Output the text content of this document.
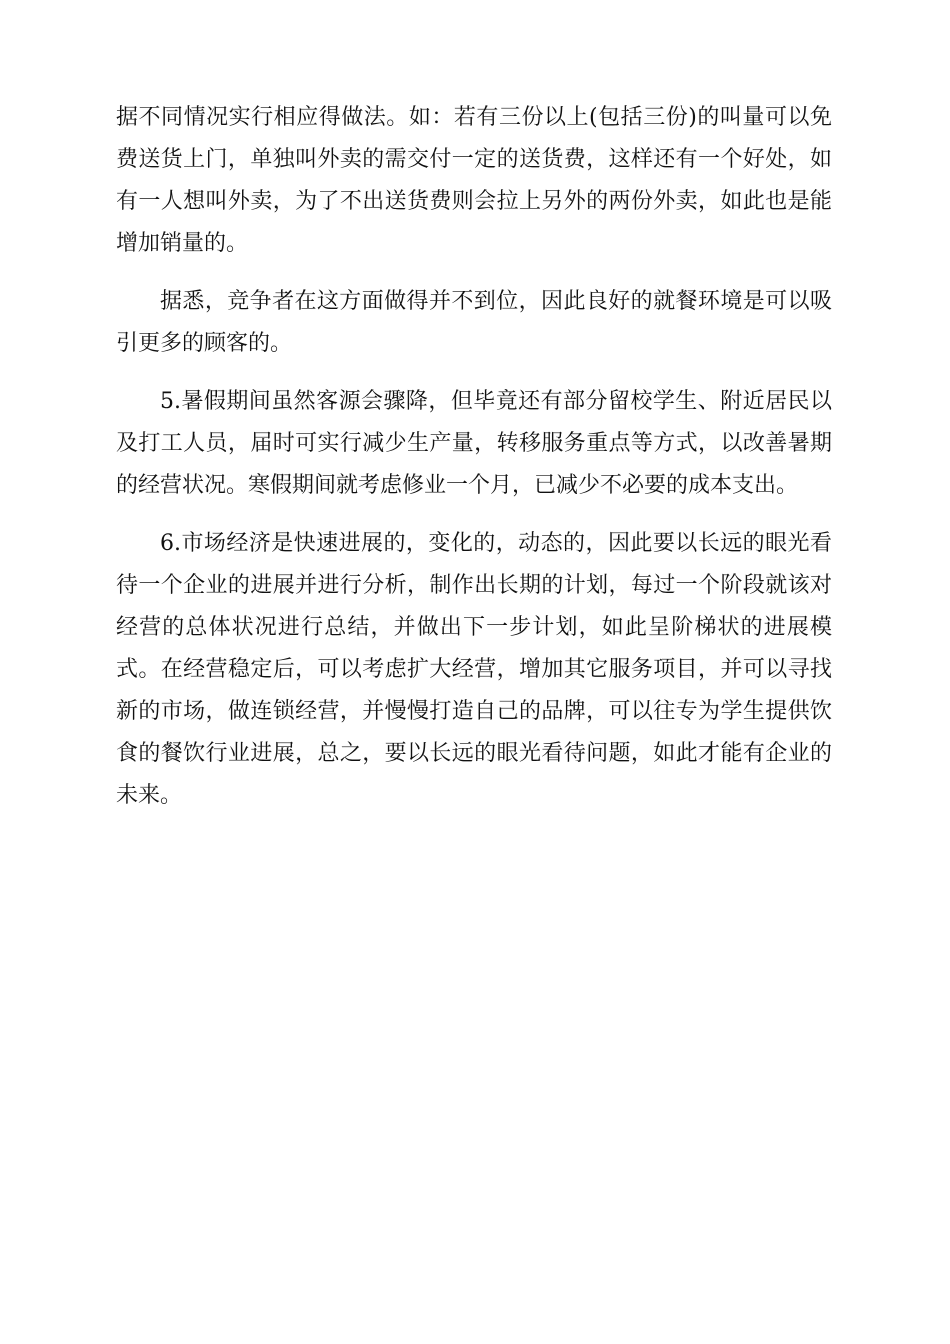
据不同情况实行相应得做法。如：若有三份以上(包括三份)的叫量可以免费送货上门，单独叫外卖的需交付一定的送货费，这样还有一个好处，如有一人想叫外卖，为了不出送货费则会拉上另外的两份外卖，如此也是能增加销量的。

据悉，竞争者在这方面做得并不到位，因此良好的就餐环境是可以吸引更多的顾客的。

5.暑假期间虽然客源会骤降，但毕竟还有部分留校学生、附近居民以及打工人员，届时可实行减少生产量，转移服务重点等方式，以改善暑期的经营状况。寒假期间就考虑修业一个月，已减少不必要的成本支出。

6.市场经济是快速进展的，变化的，动态的，因此要以长远的眼光看待一个企业的进展并进行分析，制作出长期的计划，每过一个阶段就该对经营的总体状况进行总结，并做出下一步计划，如此呈阶梯状的进展模式。在经营稳定后，可以考虑扩大经营，增加其它服务项目，并可以寻找新的市场，做连锁经营，并慢慢打造自己的品牌，可以往专为学生提供饮食的餐饮行业进展，总之，要以长远的眼光看待问题，如此才能有企业的未来。
